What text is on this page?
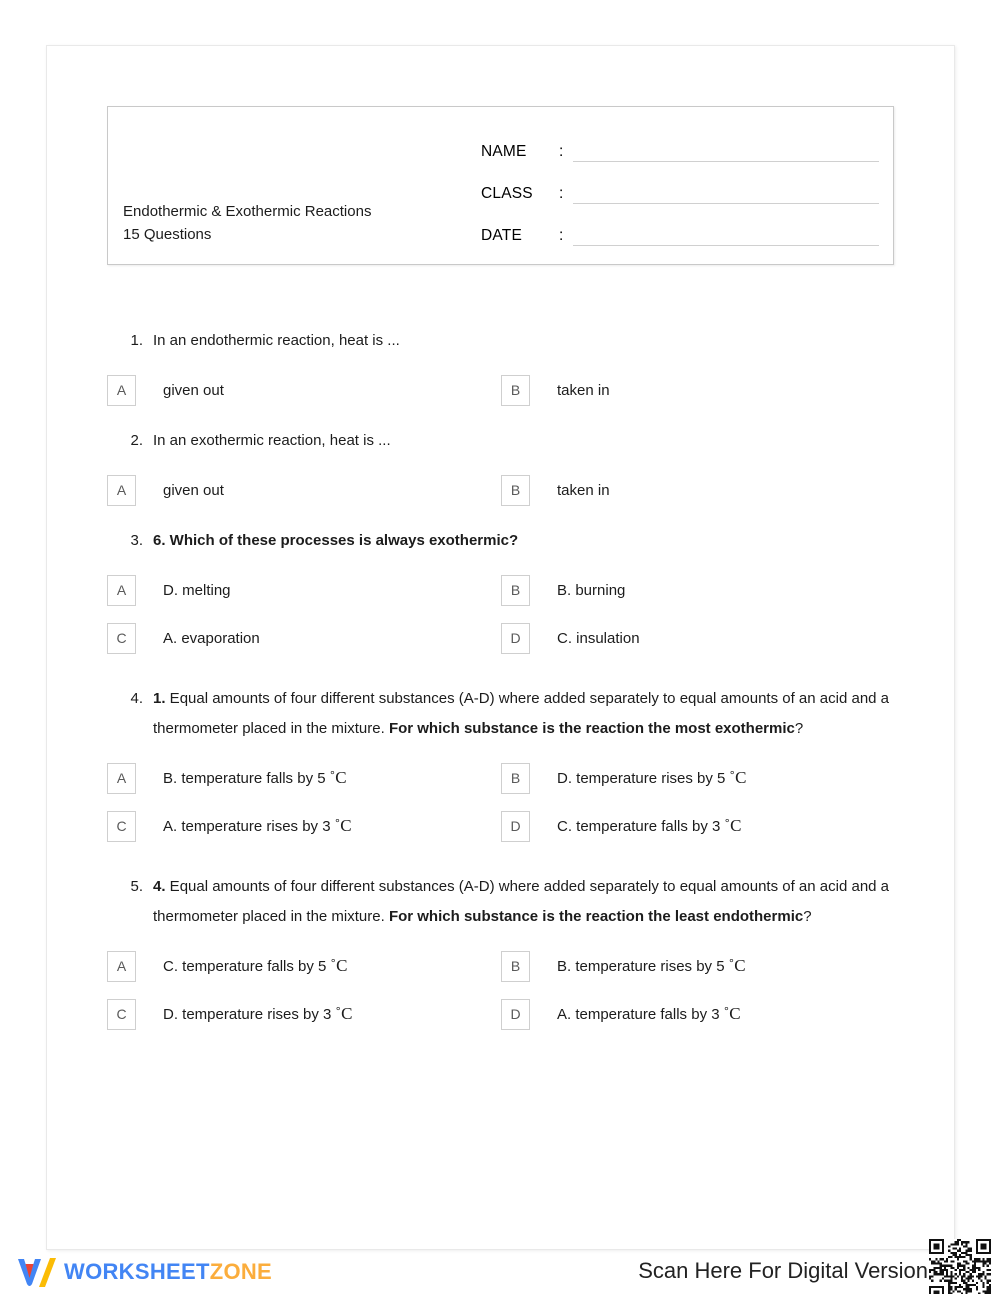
Endothermic & Exothermic Reactions
15 Questions
NAME	:
CLASS	:
DATE	:
1. In an endothermic reaction, heat is ...
A	given out	B	taken in
2. In an exothermic reaction, heat is ...
A	given out	B	taken in
3. 6. Which of these processes is always exothermic?
A	D. melting	B	B. burning
C	A. evaporation	D	C. insulation
4. 1. Equal amounts of four different substances (A-D) where added separately to equal amounts of an acid and a thermometer placed in the mixture. For which substance is the reaction the most exothermic?
A	B. temperature falls by 5 ˚C	B	D. temperature rises by 5 ˚C
C	A. temperature rises by 3 ˚C	D	C. temperature falls by 3 ˚C
5. 4. Equal amounts of four different substances (A-D) where added separately to equal amounts of an acid and a thermometer placed in the mixture. For which substance is the reaction the least endothermic?
A	C. temperature falls by 5 ˚C	B	B. temperature rises by 5 ˚C
C	D. temperature rises by 3 ˚C	D	A. temperature falls by 3 ˚C
WORKSHEETZONE	Scan Here For Digital Version
